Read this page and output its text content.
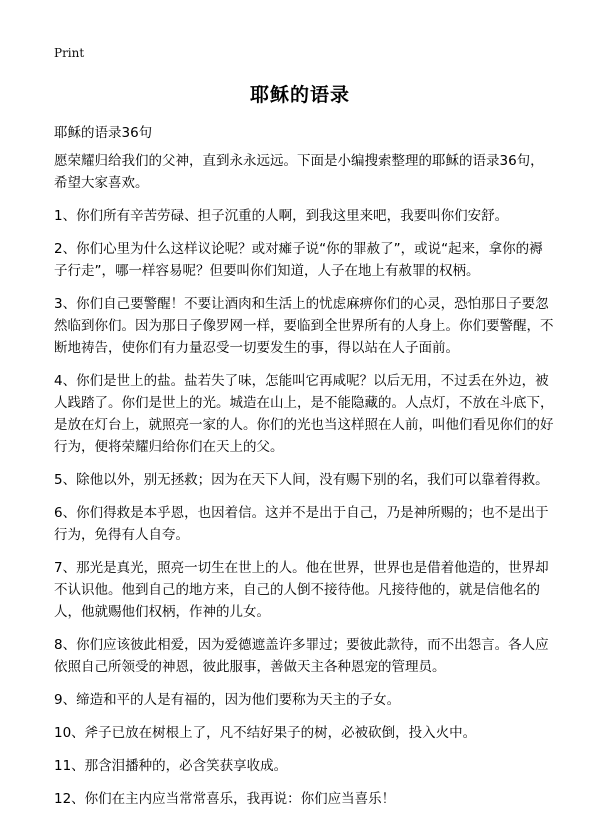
Print
耶稣的语录
耶稣的语录36句

愿荣耀归给我们的父神，直到永永远远。下面是小编搜索整理的耶稣的语录36句，希望大家喜欢。

1、你们所有辛苦劳碌、担子沉重的人啊，到我这里来吧，我要叫你们安舒。

2、你们心里为什么这样议论呢？或对瘫子说“你的罪赦了”，或说“起来，拿你的褥子行走”，哪一样容易呢？但要叫你们知道，人子在地上有赦罪的权柄。

3、你们自己要警醒！不要让酒肉和生活上的忧虑麻痹你们的心灵，恐怕那日子要忽然临到你们。因为那日子像罗网一样，要临到全世界所有的人身上。你们要警醒，不断地祷告，使你们有力量忍受一切要发生的事，得以站在人子面前。

4、你们是世上的盐。盐若失了味，怎能叫它再咸呢？以后无用，不过丢在外边，被人践踏了。你们是世上的光。城造在山上，是不能隐藏的。人点灯，不放在斗底下，是放在灯台上，就照亮一家的人。你们的光也当这样照在人前，叫他们看见你们的好行为，便将荣耀归给你们在天上的父。

5、除他以外，别无拯救；因为在天下人间，没有赐下别的名，我们可以靠着得救。

6、你们得救是本乎恩，也因着信。这并不是出于自己，乃是神所赐的；也不是出于行为，免得有人自夸。

7、那光是真光，照亮一切生在世上的人。他在世界，世界也是借着他造的，世界却不认识他。他到自己的地方来，自己的人倒不接待他。凡接待他的，就是信他名的人，他就赐他们权柄，作神的儿女。

8、你们应该彼此相爱，因为爱德遮盖许多罪过；要彼此款待，而不出怨言。各人应依照自己所领受的神恩，彼此服事，善做天主各种恩宠的管理员。

9、缔造和平的人是有福的，因为他们要称为天主的子女。

10、斧子已放在树根上了，凡不结好果子的树，必被砍倒，投入火中。

11、那含泪播种的，必含笑获享收成。

12、你们在主内应当常常喜乐，我再说：你们应当喜乐！
